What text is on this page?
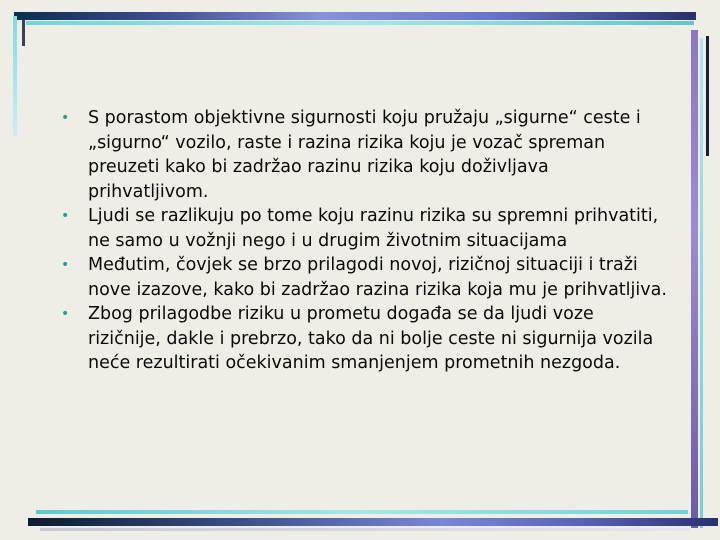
• S porastom objektivne sigurnosti koju pružaju „sigurne“ ceste i „sigurno“ vozilo, raste i razina rizika koju je vozač spreman preuzeti kako bi zadržao razinu rizika koju doživljava prihvatljivom.
• Ljudi se razlikuju po tome koju razinu rizika su spremni prihvatiti, ne samo u vožnji nego i u drugim životnim situacijama
• Međutim, čovjek se brzo prilagodi novoj, rizičnoj situaciji i traži nove izazove, kako bi zadržao razina rizika koja mu je prihvatljiva.
• Zbog prilagodbe riziku u prometu događa se da ljudi voze rizičnije, dakle i prebrzo, tako da ni bolje ceste ni sigurnija vozila neće rezultirati očekivanim smanjenjem prometnih nezgoda.
